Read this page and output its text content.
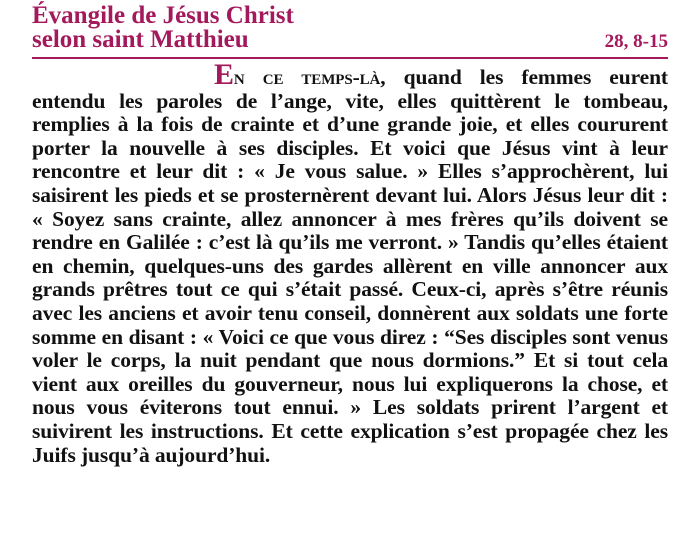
Évangile de Jésus Christ
selon saint Matthieu	28, 8-15

En ce temps-là, quand les femmes eurent entendu les paroles de l’ange, vite, elles quittèrent le tombeau, remplies à la fois de crainte et d’une grande joie, et elles coururent porter la nouvelle à ses disciples. Et voici que Jésus vint à leur rencontre et leur dit : « Je vous salue. » Elles s’approchèrent, lui saisirent les pieds et se prosternèrent devant lui. Alors Jésus leur dit : « Soyez sans crainte, allez annoncer à mes frères qu’ils doivent se rendre en Galilée : c’est là qu’ils me verront. » Tandis qu’elles étaient en chemin, quelques-uns des gardes allèrent en ville annoncer aux grands prêtres tout ce qui s’était passé. Ceux-ci, après s’être réunis avec les anciens et avoir tenu conseil, donnèrent aux soldats une forte somme en disant : « Voici ce que vous direz : “Ses disciples sont venus voler le corps, la nuit pendant que nous dormions.” Et si tout cela vient aux oreilles du gouverneur, nous lui expliquerons la chose, et nous vous éviterons tout ennui. » Les soldats prirent l’argent et suivirent les instructions. Et cette explication s’est propagée chez les Juifs jusqu’à aujourd’hui.
